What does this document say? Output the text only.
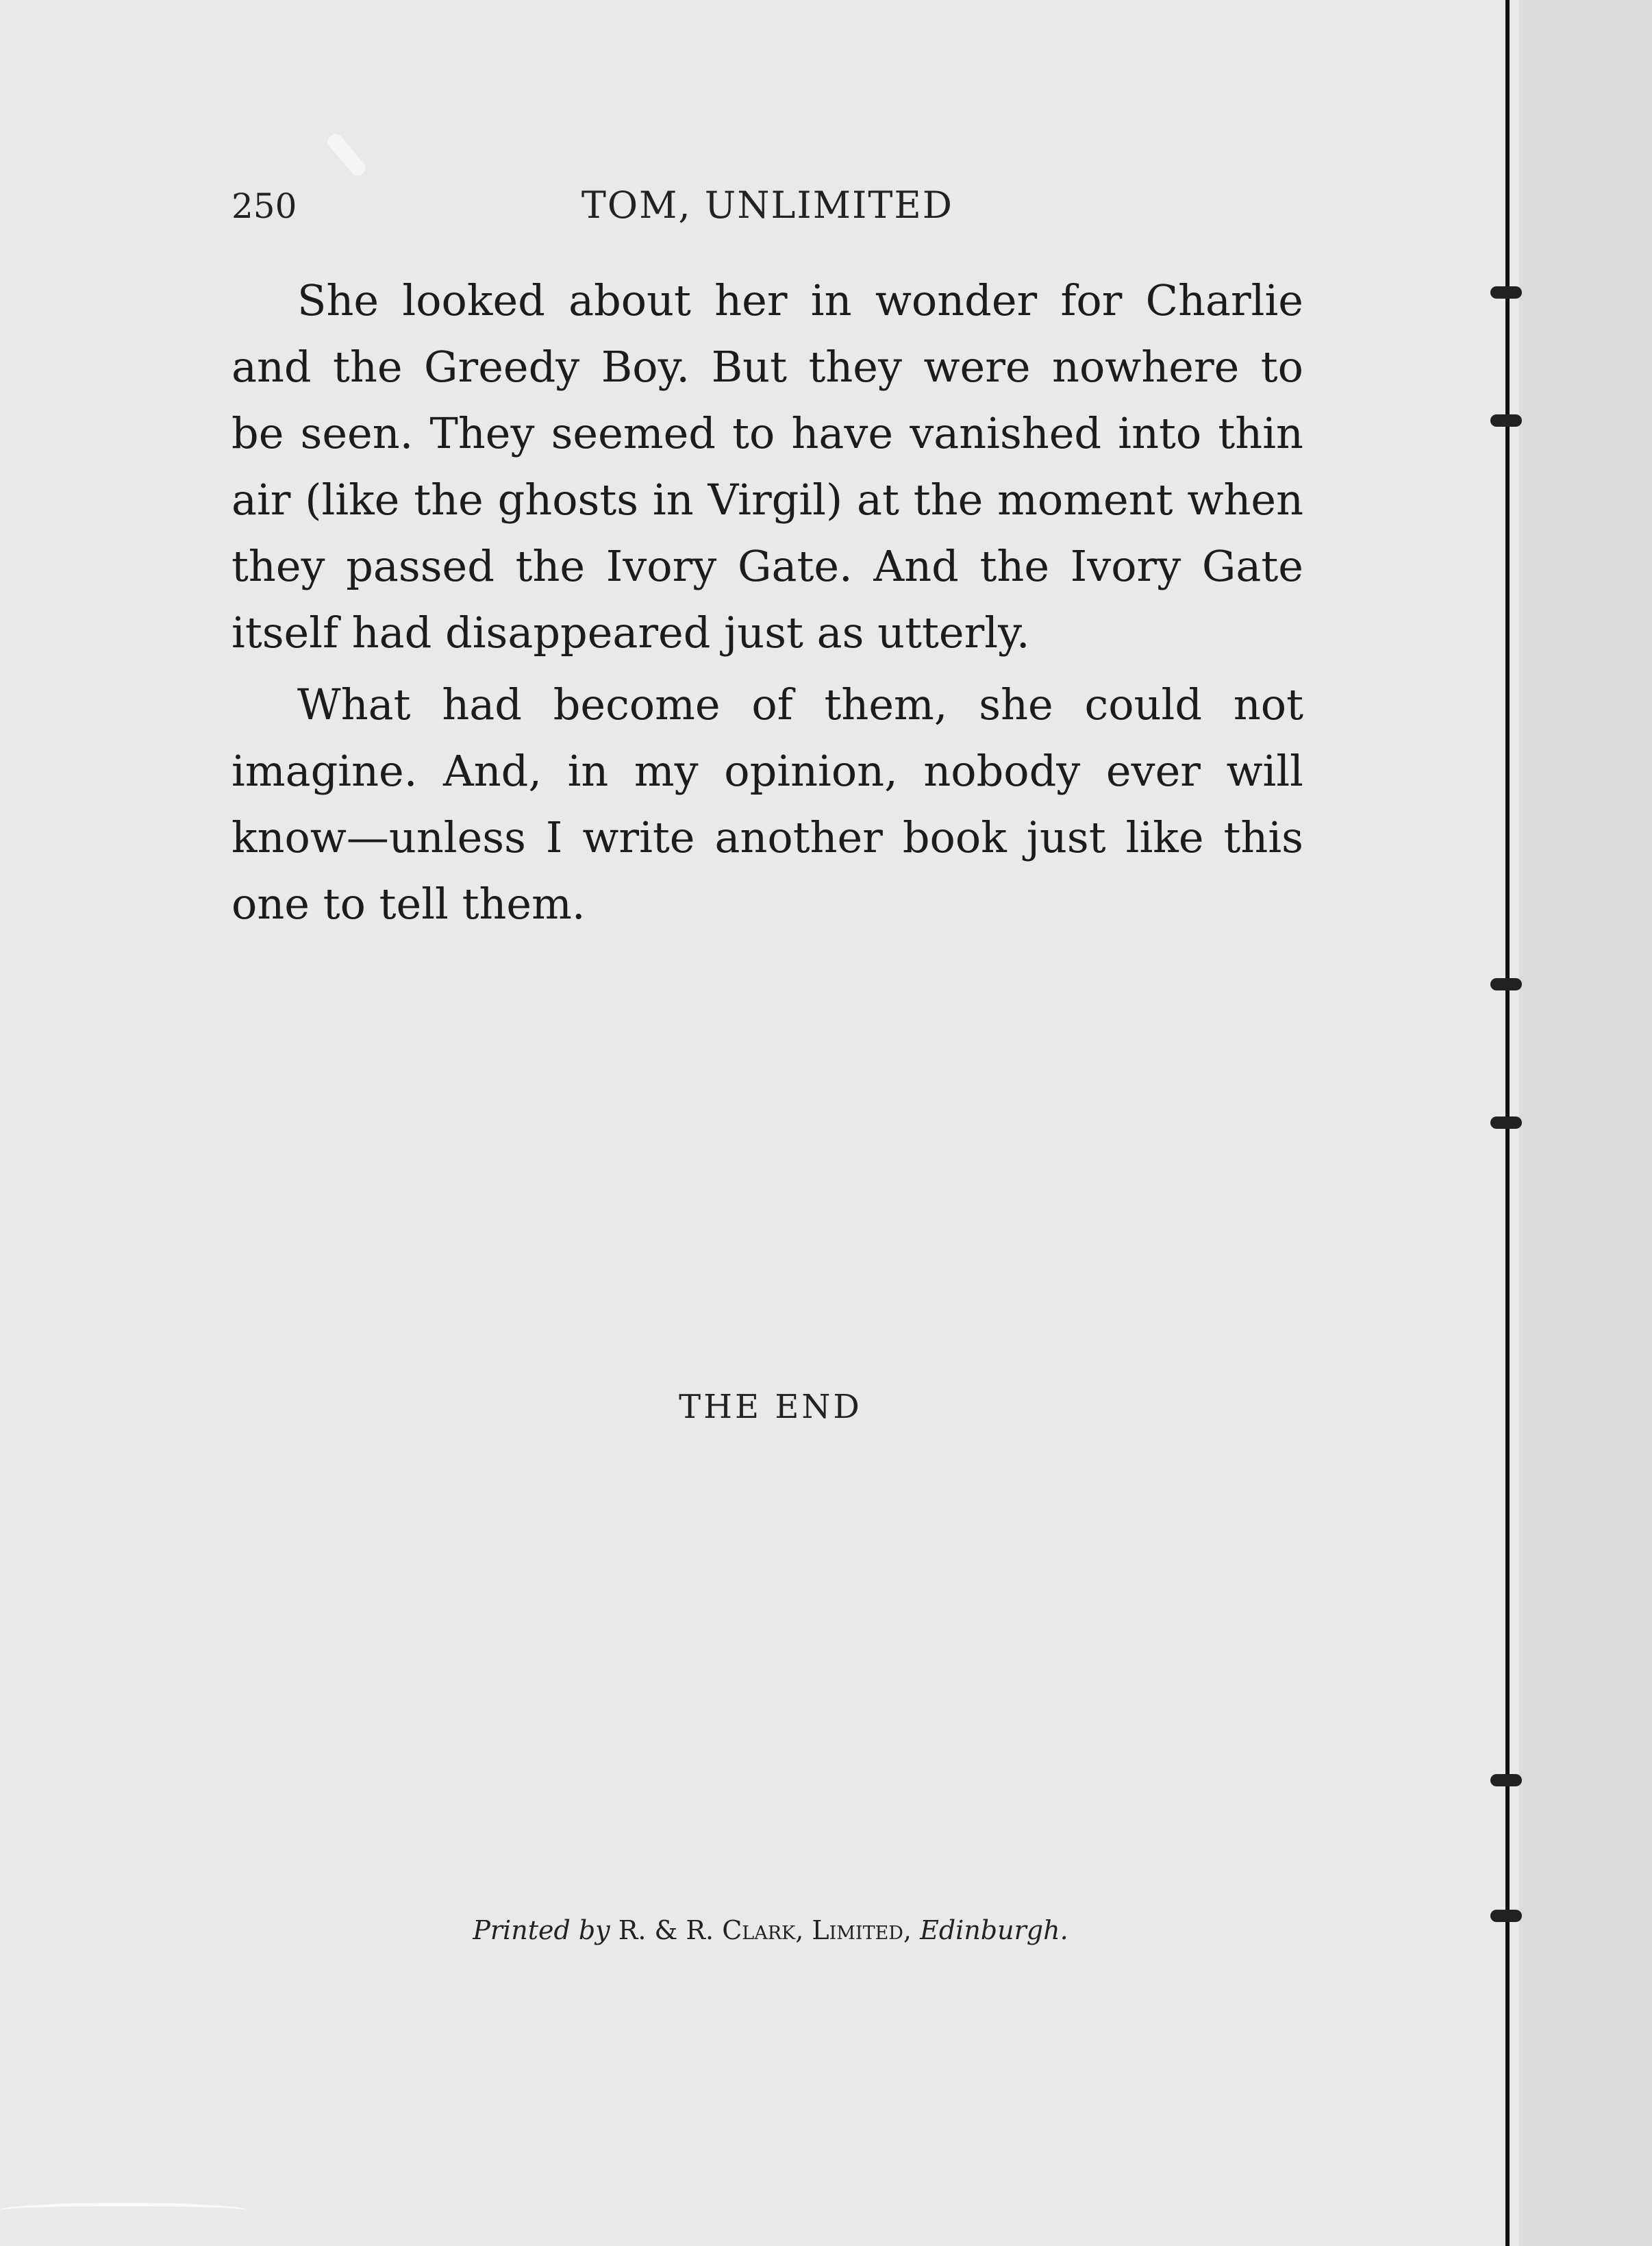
250	TOM, UNLIMITED

She looked about her in wonder for Charlie and the Greedy Boy. But they were nowhere to be seen. They seemed to have vanished into thin air (like the ghosts in Virgil) at the moment when they passed the Ivory Gate. And the Ivory Gate itself had disappeared just as utterly.

What had become of them, she could not imagine. And, in my opinion, nobody ever will know—unless I write another book just like this one to tell them.

THE END
Printed by R. & R. Clark, Limited, Edinburgh.
